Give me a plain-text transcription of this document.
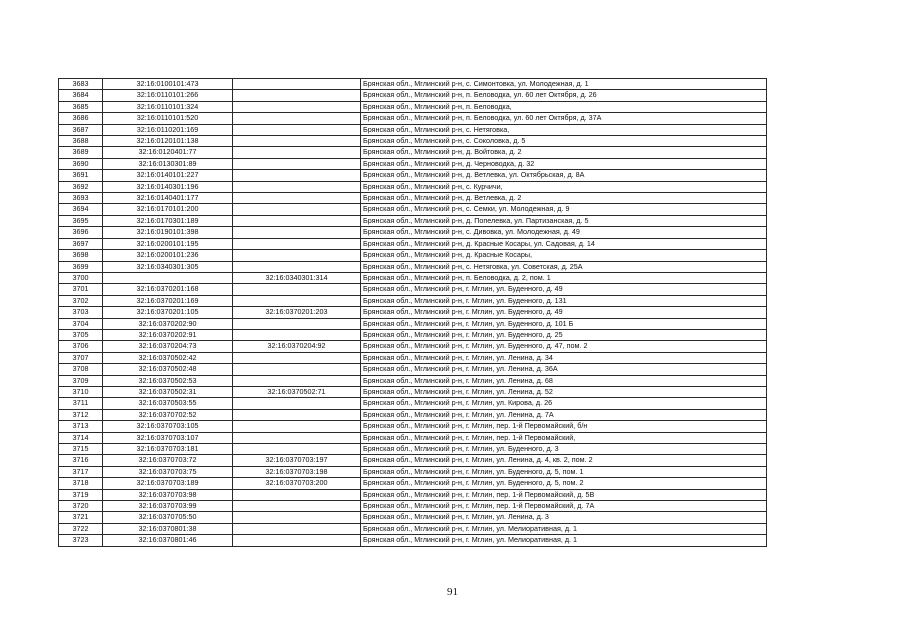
3683	32:16:0100101:473		Брянская обл., Мглинский р-н, с. Симонтовка, ул. Молодежная, д. 1
3684	32:16:0110101:266		Брянская обл., Мглинский р-н, п. Беловодка, ул. 60 лет Октября, д. 26
3685	32:16:0110101:324		Брянская обл., Мглинский р-н, п. Беловодка,
3686	32:16:0110101:520		Брянская обл., Мглинский р-н, п. Беловодка, ул. 60 лет Октября, д. 37А
3687	32:16:0110201:169		Брянская обл., Мглинский р-н, с. Нетяговка,
3688	32:16:0120101:138		Брянская обл., Мглинский р-н, с. Соколовка, д. 5
3689	32:16:0120401:77		Брянская обл., Мглинский р-н, д. Войтовка, д. 2
3690	32:16:0130301:89		Брянская обл., Мглинский р-н, д. Черноводка, д. 32
3691	32:16:0140101:227		Брянская обл., Мглинский р-н, д. Ветлевка, ул. Октябрьская, д. 8А
3692	32:16:0140301:196		Брянская обл., Мглинский р-н, с. Курчичи,
3693	32:16:0140401:177		Брянская обл., Мглинский р-н, д. Ветлевка, д. 2
3694	32:16:0170101:200		Брянская обл., Мглинский р-н, с. Семки, ул. Молодежная, д. 9
3695	32:16:0170301:189		Брянская обл., Мглинский р-н, д. Попелевка, ул. Партизанская, д. 5
3696	32:16:0190101:398		Брянская обл., Мглинский р-н, с. Дивовка, ул. Молодежная, д. 49
3697	32:16:0200101:195		Брянская обл., Мглинский р-н, д. Красные Косары, ул. Садовая, д. 14
3698	32:16:0200101:236		Брянская обл., Мглинский р-н, д. Красные Косары,
3699	32:16:0340301:305		Брянская обл., Мглинский р-н, с. Нетяговка, ул. Советская, д. 25А
3700		32:16:0340301:314	Брянская обл., Мглинский р-н, п. Беловодка, д. 2, пом. 1
3701	32:16:0370201:168		Брянская обл., Мглинский р-н, г. Мглин, ул. Буденного, д. 49
3702	32:16:0370201:169		Брянская обл., Мглинский р-н, г. Мглин, ул. Буденного, д. 131
3703	32:16:0370201:105	32:16:0370201:203	Брянская обл., Мглинский р-н, г. Мглин, ул. Буденного, д. 49
3704	32:16:0370202:90		Брянская обл., Мглинский р-н, г. Мглин, ул. Буденного, д. 101 Б
3705	32:16:0370202:91		Брянская обл., Мглинский р-н, г. Мглин, ул. Буденного, д. 25
3706	32:16:0370204:73	32:16:0370204:92	Брянская обл., Мглинский р-н, г. Мглин, ул. Буденного, д. 47, пом. 2
3707	32:16:0370502:42		Брянская обл., Мглинский р-н, г. Мглин, ул. Ленина, д. 34
3708	32:16:0370502:48		Брянская обл., Мглинский р-н, г. Мглин, ул. Ленина, д. 36А
3709	32:16:0370502:53		Брянская обл., Мглинский р-н, г. Мглин, ул. Ленина, д. 68
3710	32:16:0370502:31	32:16:0370502:71	Брянская обл., Мглинский р-н, г. Мглин, ул. Ленина, д. 52
3711	32:16:0370503:55		Брянская обл., Мглинский р-н, г. Мглин, ул. Кирова, д. 26
3712	32:16:0370702:52		Брянская обл., Мглинский р-н, г. Мглин, ул. Ленина, д. 7А
3713	32:16:0370703:105		Брянская обл., Мглинский р-н, г. Мглин, пер. 1-й Первомайский, б/н
3714	32:16:0370703:107		Брянская обл., Мглинский р-н, г. Мглин, пер. 1-й Первомайский,
3715	32:16:0370703:181		Брянская обл., Мглинский р-н, г. Мглин, ул. Буденного, д. 3
3716	32:16:0370703:72	32:16:0370703:197	Брянская обл., Мглинский р-н, г. Мглин, ул. Ленина, д. 4, кв. 2, пом. 2
3717	32:16:0370703:75	32:16:0370703:198	Брянская обл., Мглинский р-н, г. Мглин, ул. Буденного, д. 5, пом. 1
3718	32:16:0370703:189	32:16:0370703:200	Брянская обл., Мглинский р-н, г. Мглин, ул. Буденного, д. 5, пом. 2
3719	32:16:0370703:98		Брянская обл., Мглинский р-н, г. Мглин, пер. 1-й Первомайский, д. 5В
3720	32:16:0370703:99		Брянская обл., Мглинский р-н, г. Мглин, пер. 1-й Первомайский, д. 7А
3721	32:16:0370705:50		Брянская обл., Мглинский р-н, г. Мглин, ул. Ленина, д. 3
3722	32:16:0370801:38		Брянская обл., Мглинский р-н, г. Мглин, ул. Мелиоративная, д. 1
3723	32:16:0370801:46		Брянская обл., Мглинский р-н, г. Мглин, ул. Мелиоративная, д. 1
91
